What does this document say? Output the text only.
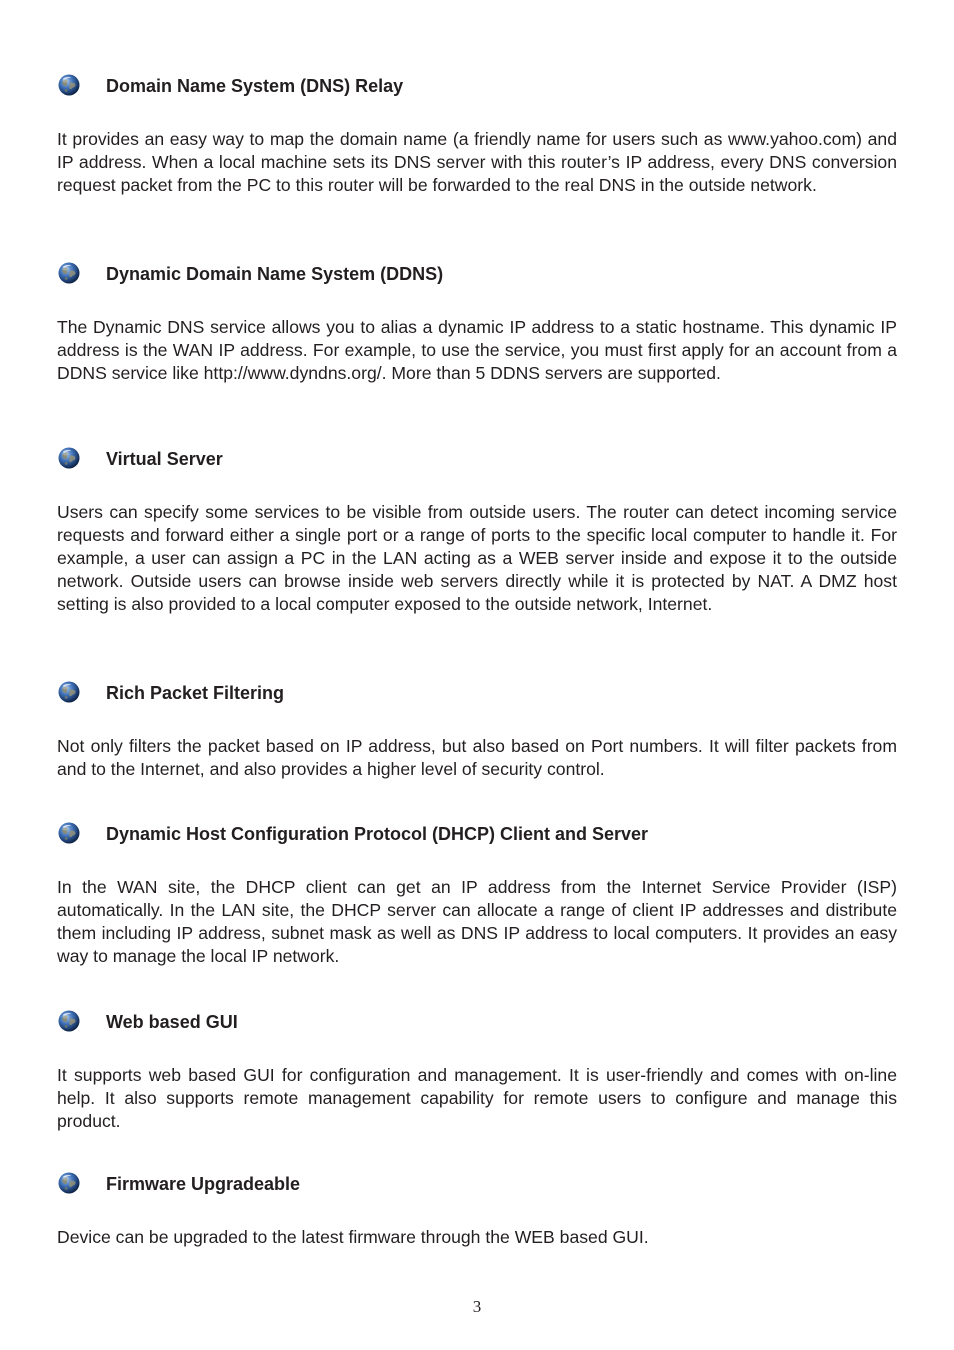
Domain Name System (DNS) Relay

It provides an easy way to map the domain name (a friendly name for users such as www.yahoo.com) and IP address. When a local machine sets its DNS server with this router’s IP address, every DNS conversion request packet from the PC to this router will be forwarded to the real DNS in the outside network.

Dynamic Domain Name System (DDNS)

The Dynamic DNS service allows you to alias a dynamic IP address to a static hostname. This dynamic IP address is the WAN IP address. For example, to use the service, you must first apply for an account from a DDNS service like http://www.dyndns.org/. More than 5 DDNS servers are supported.

Virtual Server

Users can specify some services to be visible from outside users. The router can detect incoming service requests and forward either a single port or a range of ports to the specific local computer to handle it. For example, a user can assign a PC in the LAN acting as a WEB server inside and expose it to the outside network. Outside users can browse inside web servers directly while it is protected by NAT. A DMZ host setting is also provided to a local computer exposed to the outside network, Internet.

Rich Packet Filtering

Not only filters the packet based on IP address, but also based on Port numbers. It will filter packets from and to the Internet, and also provides a higher level of security control.

Dynamic Host Configuration Protocol (DHCP) Client and Server

In the WAN site, the DHCP client can get an IP address from the Internet Service Provider (ISP) automatically. In the LAN site, the DHCP server can allocate a range of client IP addresses and distribute them including IP address, subnet mask as well as DNS IP address to local computers. It provides an easy way to manage the local IP network.

Web based GUI

It supports web based GUI for configuration and management. It is user-friendly and comes with on-line help. It also supports remote management capability for remote users to configure and manage this product.

Firmware Upgradeable

Device can be upgraded to the latest firmware through the WEB based GUI.

3
